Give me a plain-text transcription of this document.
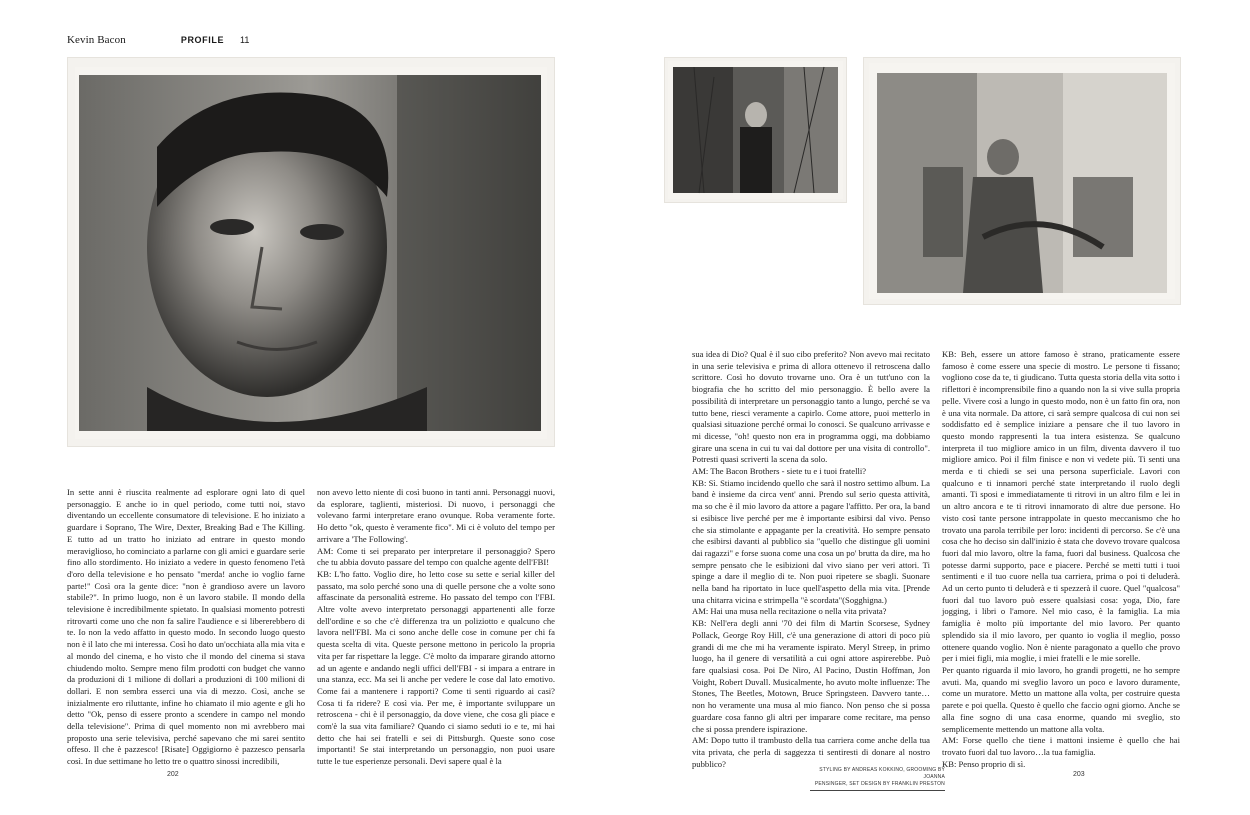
Kevin Bacon	PROFILE 11
In sette anni è riuscita realmente ad esplorare ogni lato di quel personaggio. E anche io in quel periodo, come tutti noi, stavo diventando un eccellente consumatore di televisione. E ho iniziato a guardare i Soprano, The Wire, Dexter, Breaking Bad e The Killing. E tutto ad un tratto ho iniziato ad entrare in questo mondo meraviglioso, ho cominciato a parlarne con gli amici e guardare serie fino allo stordimento. Ho iniziato a vedere in questo fenomeno l'età d'oro della televisione e ho pensato "merda! anche io voglio farne parte!" Così ora la gente dice: "non è grandioso avere un lavoro stabile?". In primo luogo, non è un lavoro stabile. Il mondo della televisione è incredibilmente spietato. In qualsiasi momento potresti ritrovarti come uno che non fa salire l'audience e si libererebbero di te. Io non la vedo affatto in questo modo. In secondo luogo questo non è il lato che mi interessa. Così ho dato un'occhiata alla mia vita e al mondo del cinema, e ho visto che il mondo del cinema si stava chiudendo molto. Sempre meno film prodotti con budget che vanno da produzioni di 1 milione di dollari a produzioni di 100 milioni di dollari. E non sembra esserci una via di mezzo. Così, anche se inizialmente ero riluttante, infine ho chiamato il mio agente e gli ho detto "Ok, penso di essere pronto a scendere in campo nel mondo della televisione". Prima di quel momento non mi avrebbero mai proposto una serie televisiva, perché sapevano che mi sarei sentito offeso. Il che è pazzesco! [Risate] Oggigiorno è pazzesco pensarla così. In due settimane ho letto tre o quattro sinossi incredibili,
non avevo letto niente di così buono in tanti anni. Personaggi nuovi, da esplorare, taglienti, misteriosi. Di nuovo, i personaggi che volevano farmi interpretare erano ovunque. Roba veramente forte. Ho detto "ok, questo è veramente fico". Mi ci è voluto del tempo per arrivare a 'The Following'.
AM: Come ti sei preparato per interpretare il personaggio? Spero che tu abbia dovuto passare del tempo con qualche agente dell'FBI!
KB: L'ho fatto. Voglio dire, ho letto cose su sette e serial killer del passato, ma solo perché sono una di quelle persone che a volte sono affascinate da personalità estreme. Ho passato del tempo con l'FBI. Altre volte avevo interpretato personaggi appartenenti alle forze dell'ordine e so che c'è differenza tra un poliziotto e qualcuno che lavora nell'FBI. Ma ci sono anche delle cose in comune per chi fa questa scelta di vita. Queste persone mettono in pericolo la propria vita per far rispettare la legge. C'è molto da imparare girando attorno ad un agente e andando negli uffici dell'FBI - si impara a entrare in una stanza, ecc. Ma sei li anche per vedere le cose dal lato emotivo. Come fai a mantenere i rapporti? Come ti senti riguardo ai casi? Cosa ti fa ridere? E così via. Per me, è importante sviluppare un retroscena - chi è il personaggio, da dove viene, che cosa gli piace e com'è la sua vita familiare? Quando ci siamo seduti io e te, mi hai detto che hai sei fratelli e sei di Pittsburgh. Queste sono cose importanti! Se stai interpretando un personaggio, non puoi usare tutte le tue esperienze personali. Devi sapere qual è la
sua idea di Dio? Qual è il suo cibo preferito? Non avevo mai recitato in una serie televisiva e prima di allora ottenevo il retroscena dallo scrittore. Così ho dovuto trovarne uno. Ora è un tutt'uno con la biografia che ho scritto del mio personaggio. È bello avere la possibilità di interpretare un personaggio tanto a lungo, perché se va tutto bene, riesci veramente a capirlo. Come attore, puoi metterlo in qualsiasi situazione perché ormai lo conosci. Se qualcuno arrivasse e mi dicesse, "oh! questo non era in programma oggi, ma dobbiamo girare una scena in cui tu vai dal dottore per una visita di controllo". Potresti quasi scriverti la scena da solo.
AM: The Bacon Brothers - siete tu e i tuoi fratelli?
KB: Sì. Stiamo incidendo quello che sarà il nostro settimo album. La band è insieme da circa vent' anni. Prendo sul serio questa attività, ma so che è il mio lavoro da attore a pagare l'affitto. Per ora, la band si esibisce live perché per me è importante esibirsi dal vivo. Penso che sia stimolante e appagante per la creatività. Ho sempre pensato che esibirsi davanti al pubblico sia "quello che distingue gli uomini dai ragazzi" e forse suona come una cosa un po' brutta da dire, ma ho sempre pensato che le esibizioni dal vivo siano per veri attori. Ti spinge a dare il meglio di te. Non puoi ripetere se sbagli. Suonare nella band ha riportato in luce quell'aspetto della mia vita. [Prende una chitarra vicina e strimpella "è scordata"(Sogghigna.)
AM: Hai una musa nella recitazione o nella vita privata?
KB: Nell'era degli anni '70 dei film di Martin Scorsese, Sydney Pollack, George Roy Hill, c'è una generazione di attori di poco più grandi di me che mi ha veramente ispirato. Meryl Streep, in primo luogo, ha il genere di versatilità a cui ogni attore aspirerebbe. Può fare qualsiasi cosa. Poi De Niro, Al Pacino, Dustin Hoffman, Jon Voight, Robert Duvall. Musicalmente, ho avuto molte influenze: The Stones, The Beetles, Motown, Bruce Springsteen. Davvero tante…non ho veramente una musa al mio fianco. Non penso che si possa guardare cosa fanno gli altri per imparare come recitare, ma penso che si possa prendere ispirazione.
AM: Dopo tutto il trambusto della tua carriera come anche della tua vita privata, che perla di saggezza ti sentiresti di donare al nostro pubblico?
KB: Beh, essere un attore famoso è strano, praticamente essere famoso è come essere una specie di mostro. Le persone ti fissano; vogliono cose da te, ti giudicano. Tutta questa storia della vita sotto i riflettori è incomprensibile fino a quando non la si vive sulla propria pelle. Vivere così a lungo in questo modo, non è un fatto fin ora, non è una vita normale. Da attore, ci sarà sempre qualcosa di cui non sei soddisfatto ed è semplice iniziare a pensare che il tuo lavoro in questo mondo rappresenti la tua intera esistenza. Se qualcuno interpreta il tuo migliore amico in un film, diventa davvero il tuo migliore amico. Poi il film finisce e non vi vedete più. Ti senti una merda e ti chiedi se sei una persona superficiale. Lavori con qualcuno e ti innamori perché state interpretando il ruolo degli amanti. Ti sposi e immediatamente ti ritrovi in un altro film e lei in un altro ancora e te ti ritrovi innamorato di altre due persone. Ho visto così tante persone intrappolate in questo meccanismo che ho trovato una parola terribile per loro: incidenti di percorso. Se c'è una cosa che ho deciso sin dall'inizio è stata che dovevo trovare qualcosa fuori dal mio lavoro, oltre la fama, fuori dal business. Qualcosa che potesse darmi supporto, pace e piacere. Perché se metti tutti i tuoi sentimenti e il tuo cuore nella tua carriera, prima o poi ti deluderà. Ad un certo punto ti deluderà e ti spezzerà il cuore. Quel "qualcosa" fuori dal tuo lavoro può essere qualsiasi cosa: yoga, Dio, fare jogging, i libri o l'amore. Nel mio caso, è la famiglia. La mia famiglia è molto più importante del mio lavoro. Per quanto splendido sia il mio lavoro, per quanto io voglia il meglio, posso ottenere quando voglio. Non è niente paragonato a quello che provo per i miei figli, mia moglie, i miei fratelli e le mie sorelle.
Per quanto riguarda il mio lavoro, ho grandi progetti, ne ho sempre avuti. Ma, quando mi sveglio lavoro un poco e lavoro duramente, come un muratore. Metto un mattone alla volta, per costruire questa parete e poi quella. Questo è quello che faccio ogni giorno. Anche se alla fine sogno di una casa enorme, quando mi sveglio, sto semplicemente mettendo un mattone alla volta.
AM: Forse quello che tiene i mattoni insieme è quello che hai trovato fuori dal tuo lavoro…la tua famiglia.
KB: Penso proprio di sì.
202	203
STYLING BY ANDREAS KOKKINO, GROOMING BY JOANNA
PENSINGER, SET DESIGN BY FRANKLIN PRESTON
